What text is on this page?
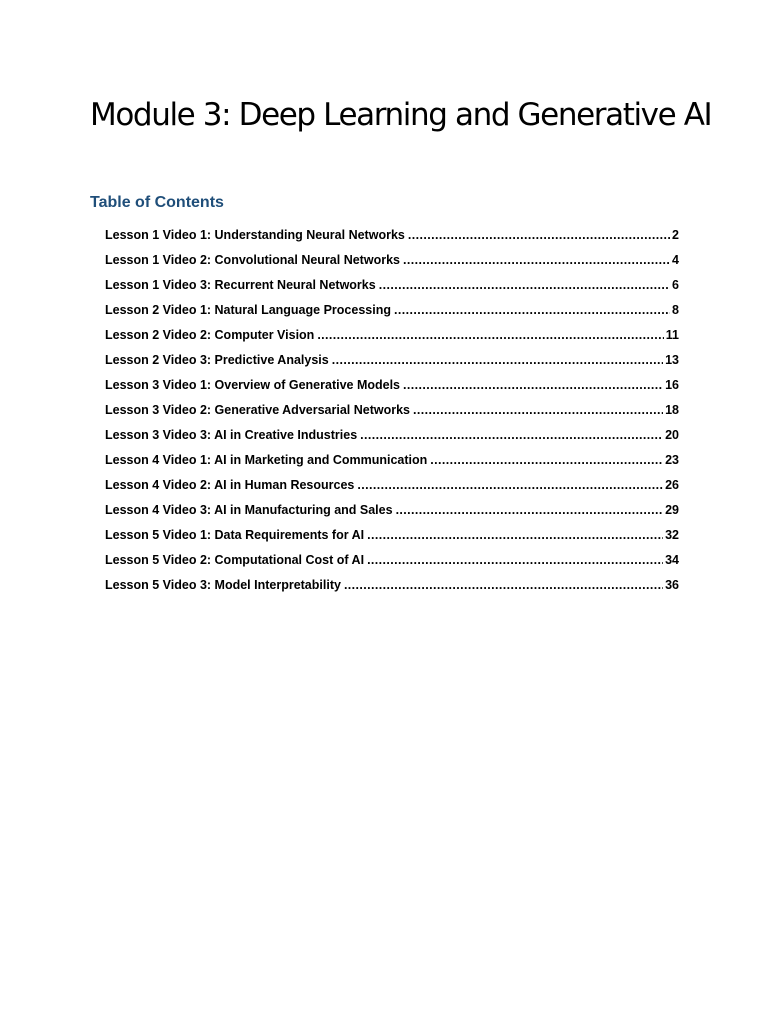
Module 3: Deep Learning and Generative AI
Table of Contents
Lesson 1 Video 1: Understanding Neural Networks .....	2
Lesson 1 Video 2: Convolutional Neural Networks .....	4
Lesson 1 Video 3: Recurrent Neural Networks .....	6
Lesson 2 Video 1: Natural Language Processing .....	8
Lesson 2 Video 2: Computer Vision .....	11
Lesson 2 Video 3: Predictive Analysis .....	13
Lesson 3 Video 1: Overview of Generative Models .....	16
Lesson 3 Video 2: Generative Adversarial Networks .....	18
Lesson 3 Video 3: AI in Creative Industries .....	20
Lesson 4 Video 1: AI in Marketing and Communication .....	23
Lesson 4 Video 2: AI in Human Resources .....	26
Lesson 4 Video 3: AI in Manufacturing and Sales .....	29
Lesson 5 Video 1: Data Requirements for AI .....	32
Lesson 5 Video 2: Computational Cost of AI .....	34
Lesson 5 Video 3: Model Interpretability .....	36
